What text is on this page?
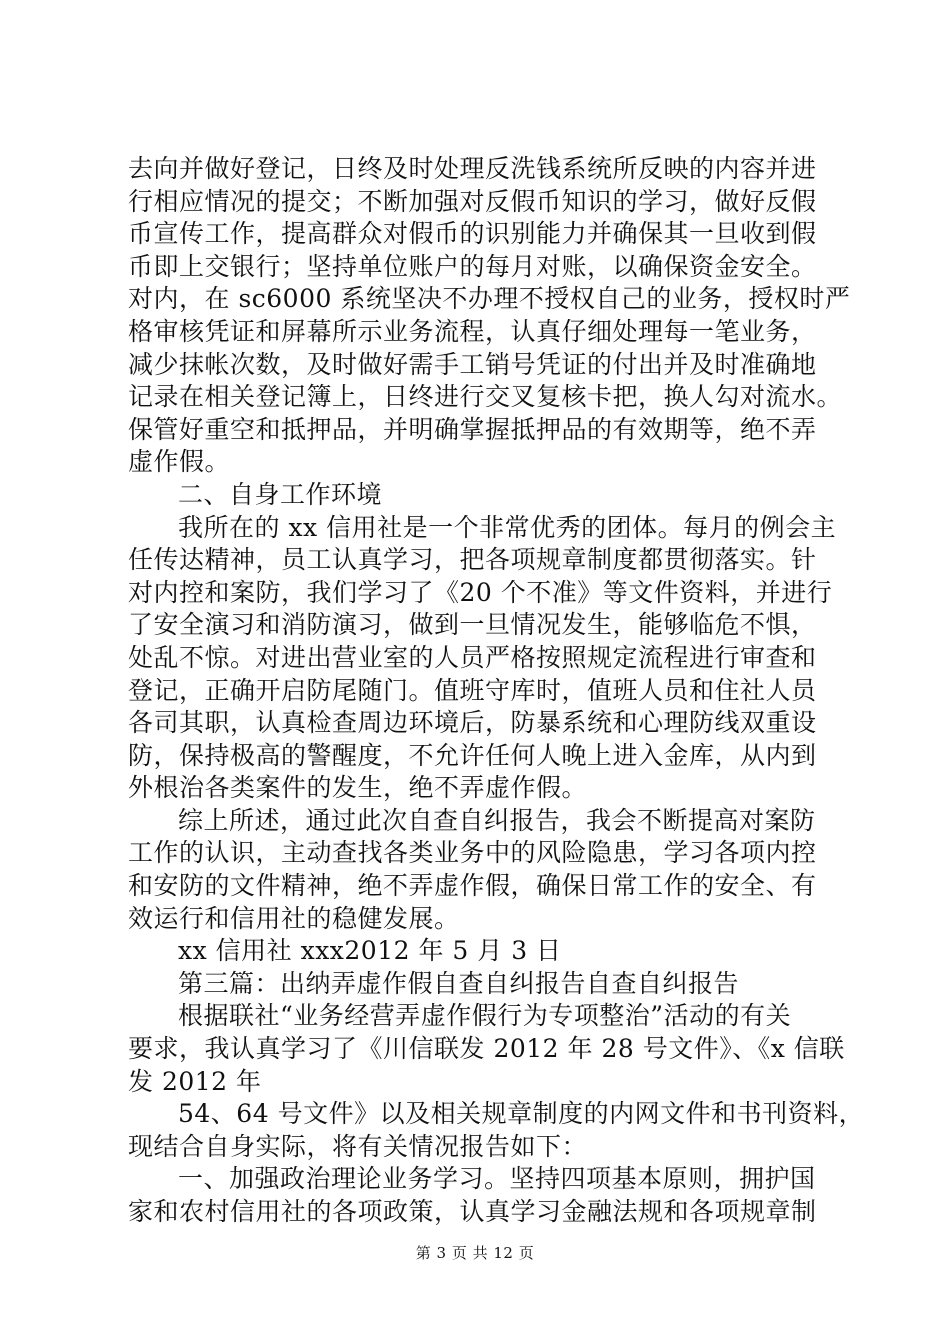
去向并做好登记，日终及时处理反洗钱系统所反映的内容并进

行相应情况的提交；不断加强对反假币知识的学习，做好反假

币宣传工作，提高群众对假币的识别能力并确保其一旦收到假

币即上交银行；坚持单位账户的每月对账，以确保资金安全。

对内，在 sc6000 系统坚决不办理不授权自己的业务，授权时严

格审核凭证和屏幕所示业务流程，认真仔细处理每一笔业务，

减少抹帐次数，及时做好需手工销号凭证的付出并及时准确地

记录在相关登记簿上，日终进行交叉复核卡把，换人勾对流水。

保管好重空和抵押品，并明确掌握抵押品的有效期等，绝不弄

虚作假。

二、自身工作环境

我所在的 xx 信用社是一个非常优秀的团体。每月的例会主

任传达精神，员工认真学习，把各项规章制度都贯彻落实。针

对内控和案防，我们学习了《20 个不准》等文件资料，并进行

了安全演习和消防演习，做到一旦情况发生，能够临危不惧，

处乱不惊。对进出营业室的人员严格按照规定流程进行审查和

登记，正确开启防尾随门。值班守库时，值班人员和住社人员

各司其职，认真检查周边环境后，防暴系统和心理防线双重设

防，保持极高的警醒度，不允许任何人晚上进入金库，从内到

外根治各类案件的发生，绝不弄虚作假。

综上所述，通过此次自查自纠报告，我会不断提高对案防

工作的认识，主动查找各类业务中的风险隐患，学习各项内控

和安防的文件精神，绝不弄虚作假，确保日常工作的安全、有

效运行和信用社的稳健发展。

xx 信用社 xxx2012 年 5 月 3 日

第三篇：出纳弄虚作假自查自纠报告自查自纠报告

根据联社“业务经营弄虚作假行为专项整治”活动的有关

要求，我认真学习了《川信联发 2012 年 28 号文件》、《x 信联

发 2012 年

54、64 号文件》以及相关规章制度的内网文件和书刊资料，

现结合自身实际，将有关情况报告如下：

一、加强政治理论业务学习。坚持四项基本原则，拥护国

家和农村信用社的各项政策，认真学习金融法规和各项规章制

第 3 页 共 12 页
